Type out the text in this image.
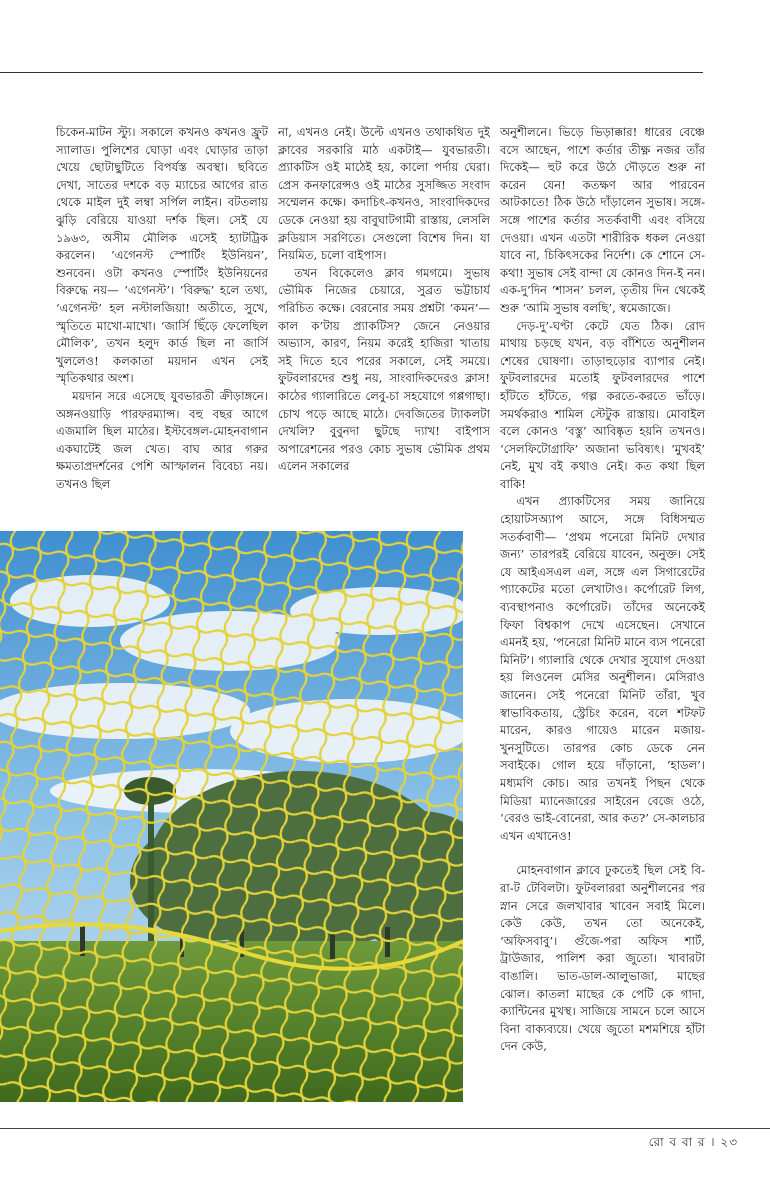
চিকেন-মাটন স্ট্যু। সকালে কখনও কখনও ফ্রুট স্যালাড। পুলিশের ঘোড়া এবং ঘোড়ার তাড়া খেয়ে ছোটাছুটিতে বিপর্যস্ত অবস্থা। ছবিতে দেখা, সাতের দশকে বড় ম্যাচের আগের রাত থেকে মাইল দুই লম্বা সর্পিল লাইন। বটতলায় ঝুড়ি বেরিয়ে যাওয়া দর্শক ছিল। সেই যে ১৯৬৩, অসীম মৌলিক এসেই হ্যাটট্রিক করলেন। ‘এগেনস্ট স্পোর্টিং ইউনিয়ন’, শুনবেন। ওটা কখনও স্পোর্টিং ইউনিয়নের বিরুদ্ধে নয়— ‘এগেনস্ট’। ‘বিরুদ্ধ’ হলে তথ্য, ‘এগেনস্ট’ হল নস্টালজিয়া! অতীতে, সুখে, স্মৃতিতে মাখো-মাখো। ‘জার্সি ছিঁড়ে ফেলেছিল মৌলিক’, তখন হলুদ কার্ড ছিল না জার্সি খুললেও! কলকাতা ময়দান এখন সেই স্মৃতিকথার অংশ।

ময়দান সরে এসেছে যুবভারতী ক্রীড়াঙ্গনে। অঙ্গনওয়াড়ি পারফরম্যান্স। বহু বছর আগে এজমালি ছিল মাঠের। ইস্টবেঙ্গল-মোহনবাগান একঘাটেই জল খেত। বাঘ আর গরুর ক্ষমতাপ্রদর্শনের পেশি আস্ফালন বিবেচ্য নয়। তখনও ছিল

না, এখনও নেই। উল্টে এখনও তথাকথিত দুই ক্লাবের সরকারি মাঠ একটাই— যুবভারতী। প্র্যাকটিস ওই মাঠেই হয়, কালো পর্দায় ঘেরা। প্রেস কনফারেন্সও ওই মাঠের সুসজ্জিত সংবাদ সম্মেলন কক্ষে। কদাচিৎ-কখনও, সাংবাদিকদের ডেকে নেওয়া হয় বাবুঘাটগামী রাস্তায়, লেসলি ক্লডিয়াস সরণিতে। সেগুলো বিশেষ দিন। যা নিয়মিত, চলো বাইপাস।

তখন বিকেলেও ক্লাব গমগমে। সুভাষ ভৌমিক নিজের চেয়ারে, সুব্রত ভট্টাচার্য পরিচিত কক্ষে। বেরনোর সময় প্রশ্নটা ‘কমন’— কাল ক’টায় প্র্যাকটিস? জেনে নেওয়ার অভ্যাস, কারণ, নিয়ম করেই হাজিরা খাতায় সই দিতে হবে পরের সকালে, সেই সময়ে। ফুটবলারদের শুধু নয়, সাংবাদিকদেরও ক্লাস! কাঠের গ্যালারিতে লেবু-চা সহযোগে গপ্পগাছা। চোখ পড়ে আছে মাঠে। দেবজিতের ট্যাকলটা দেখলি? বুবুনদা ছুটছে দ্যাখ! বাইপাস অপারেশনের পরও কোচ সুভাষ ভৌমিক প্রথম এলেন সকালের

অনুশীলনে। ভিড়ে ভিড়াক্কার! ধারের বেঞ্চে বসে আছেন, পাশে কর্তার তীক্ষ্ণ নজর তাঁর দিকেই— হুট করে উঠে দৌড়তে শুরু না করেন যেন! কতক্ষণ আর পারবেন আটকাতে! ঠিক উঠে দাঁড়ালেন সুভাষ। সঙ্গে-সঙ্গে পাশের কর্তার সতর্কবাণী এবং বসিয়ে দেওয়া। এখন এতটা শারীরিক ধকল নেওয়া যাবে না, চিকিৎসকের নির্দেশ। কে শোনে সে-কথা! সুভাষ সেই বান্দা যে কোনও দিন-ই নন। এক-দু’দিন ‘শাসন’ চলল, তৃতীয় দিন থেকেই শুরু ‘আমি সুভাষ বলছি’, স্বমেজাজে।

দেড়-দু’-ঘণ্টা কেটে যেত ঠিক। রোদ মাথায় চড়ছে যখন, বড় বাঁশিতে অনুশীলন শেষের ঘোষণা। তাড়াহুড়োর ব্যাপার নেই। ফুটবলারদের মতোই ফুটবলারদের পাশে হাঁটতে হাঁটতে, গল্প করতে-করতে ভাঁড়ে। সমর্থকরাও শামিল স্টেটুক রাস্তায়। মোবাইল বলে কোনও ‘বস্তু’ আবিষ্কৃত হয়নি তখনও। ‘সেলফিটোগ্রাফি’ অজানা ভবিষ্যৎ। ‘মুখবই’ নেই, মুখ বই কথাও নেই। কত কথা ছিল বাকি!

এখন প্র্যাকটিসের সময় জানিয়ে হোয়াটসঅ্যাপ আসে, সঙ্গে বিধিসম্মত সতর্কবাণী— ‘প্রথম পনেরো মিনিট দেখার জন্য’ তারপরই বেরিয়ে যাবেন, অনুক্ত। সেই যে আইএসএল এল, সঙ্গে এল সিগারেটের প্যাকেটের মতো লেখাটাও। কর্পোরেট লিগ, ব্যবস্থাপনাও কর্পোরেট। তাঁদের অনেকেই ফিফা বিশ্বকাপ দেখে এসেছেন। সেখানে এমনই হয়, ‘পনেরো মিনিট মানে ব্যস পনেরো মিনিট’। গ্যালারি থেকে দেখার সুযোগ দেওয়া হয় লিওনেল মেসির অনুশীলন। মেসিরাও জানেন। সেই পনেরো মিনিট তাঁরা, খুব স্বাভাবিকতায়, স্ট্রেচিং করেন, বলে শটফট মারেন, কারও গায়েও মারেন মজায়-খুনসুটিতে। তারপর কোচ ডেকে নেন সবাইকে। গোল হয়ে দাঁড়ানো, ‘হাডল’। মধ্যমণি কোচ। আর তখনই পিছন থেকে মিডিয়া ম্যানেজারের সাইরেন বেজে ওঠে, ‘বেরও ভাই-বোনেরা, আর কত?’ সে-কালচার এখন এখানেও!

মোহনবাগান ক্লাবে ঢুকতেই ছিল সেই বি-রা-ট টেবিলটা। ফুটবলাররা অনুশীলনের পর স্নান সেরে জলখাবার খাবেন সবাই মিলে। কেউ কেউ, তখন তো অনেকেই, ‘অফিসবাবু’। গুঁজে-পরা অফিস শার্ট, ট্রাউজার, পালিশ করা জুতো। খাবারটা বাঙালি। ভাত-ডাল-আলুভাজা, মাছের ঝোল। কাতলা মাছের কে পেটি কে গাদা, ক্যান্টিনের মুখস্থ। সাজিয়ে সামনে চলে আসে বিনা বাক্যব্যয়ে। খেয়ে জুতো মশমশিয়ে হাঁটা দেন কেউ,

রো ব বা র । ২৩
